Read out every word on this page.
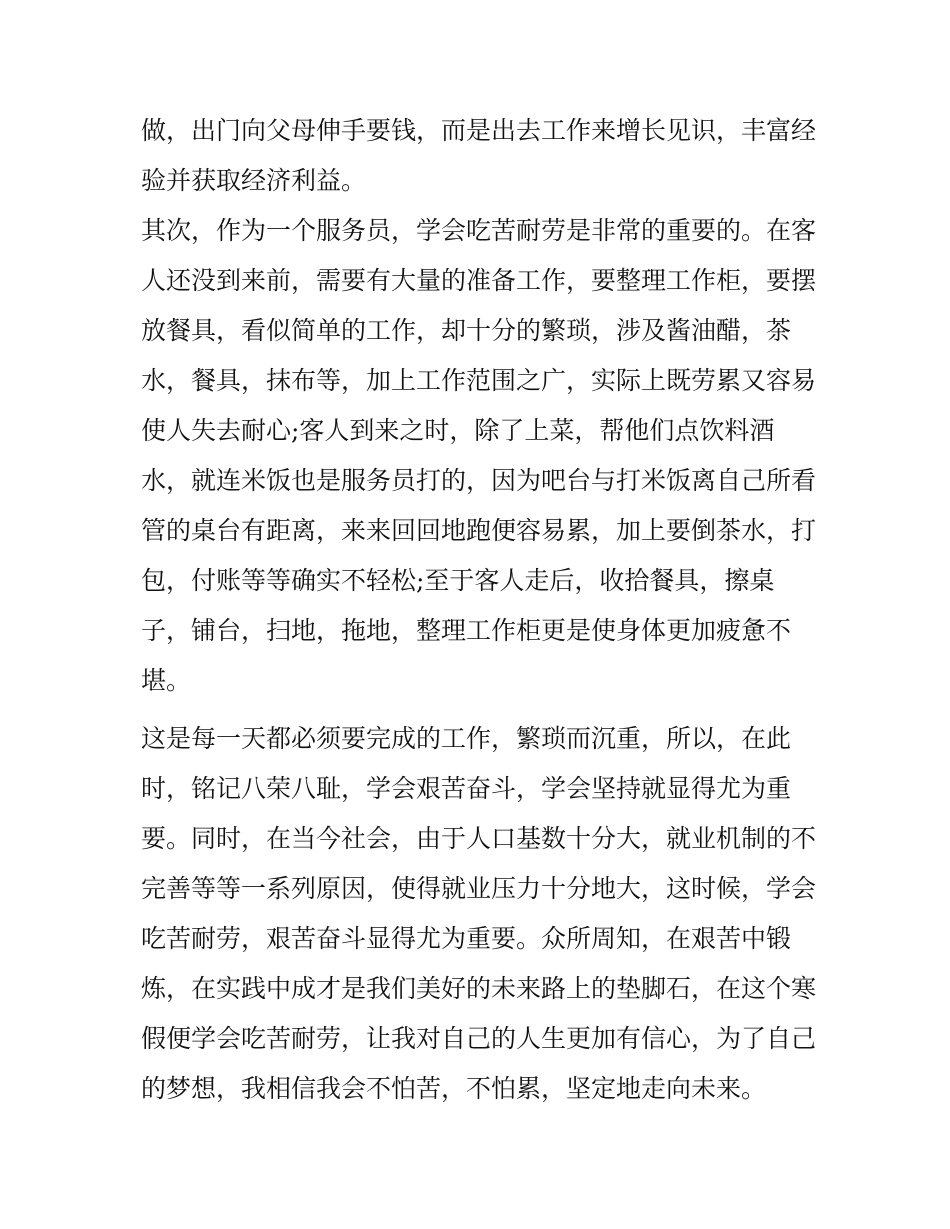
做，出门向父母伸手要钱，而是出去工作来增长见识，丰富经
验并获取经济利益。
其次，作为一个服务员，学会吃苦耐劳是非常的重要的。在客
人还没到来前，需要有大量的准备工作，要整理工作柜，要摆
放餐具，看似简单的工作，却十分的繁琐，涉及酱油醋，茶
水，餐具，抹布等，加上工作范围之广，实际上既劳累又容易
使人失去耐心;客人到来之时，除了上菜，帮他们点饮料酒
水，就连米饭也是服务员打的，因为吧台与打米饭离自己所看
管的桌台有距离，来来回回地跑便容易累，加上要倒茶水，打
包，付账等等确实不轻松;至于客人走后，收拾餐具，擦桌
子，铺台，扫地，拖地，整理工作柜更是使身体更加疲惫不
堪。
这是每一天都必须要完成的工作，繁琐而沉重，所以，在此
时，铭记八荣八耻，学会艰苦奋斗，学会坚持就显得尤为重
要。同时，在当今社会，由于人口基数十分大，就业机制的不
完善等等一系列原因，使得就业压力十分地大，这时候，学会
吃苦耐劳，艰苦奋斗显得尤为重要。众所周知，在艰苦中锻
炼，在实践中成才是我们美好的未来路上的垫脚石，在这个寒
假便学会吃苦耐劳，让我对自己的人生更加有信心，为了自己
的梦想，我相信我会不怕苦，不怕累，坚定地走向未来。
